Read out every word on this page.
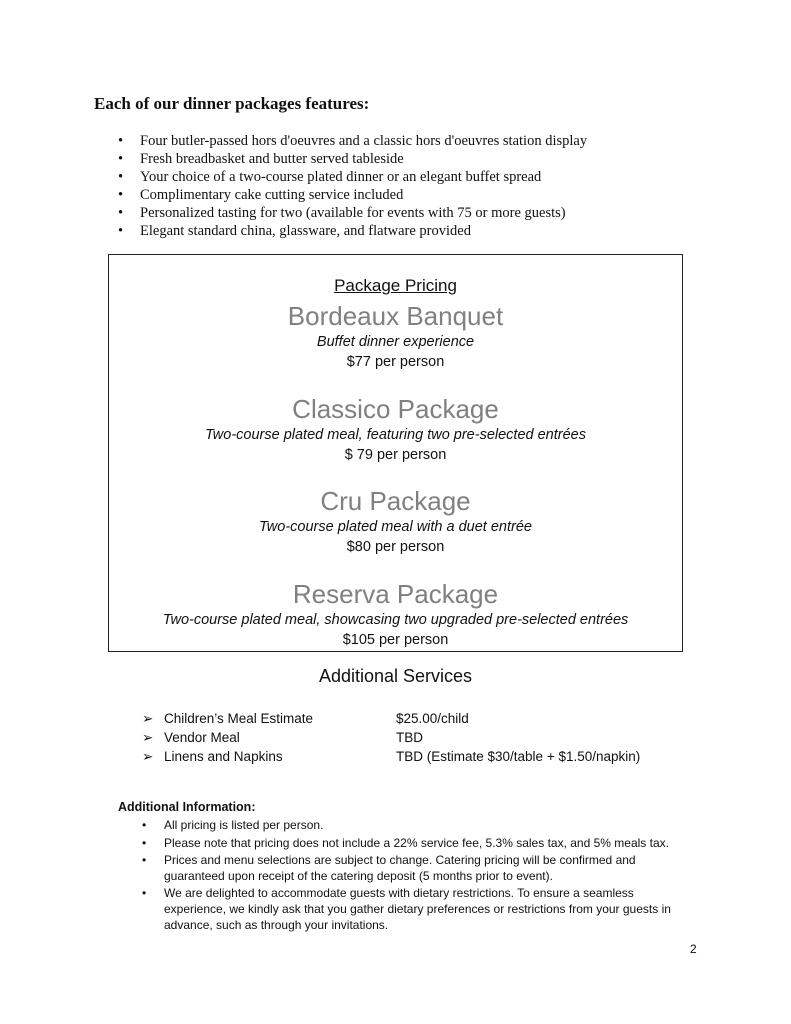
Each of our dinner packages features:
• Four butler-passed hors d'oeuvres and a classic hors d'oeuvres station display
• Fresh breadbasket and butter served tableside
• Your choice of a two-course plated dinner or an elegant buffet spread
• Complimentary cake cutting service included
• Personalized tasting for two (available for events with 75 or more guests)
• Elegant standard china, glassware, and flatware provided
Package Pricing
Bordeaux Banquet
Buffet dinner experience
$77 per person
Classico Package
Two-course plated meal, featuring two pre-selected entrées
$ 79 per person
Cru Package
Two-course plated meal with a duet entrée
$80 per person
Reserva Package
Two-course plated meal, showcasing two upgraded pre-selected entrées
$105 per person
Additional Services
➢ Children’s Meal Estimate	$25.00/child
➢ Vendor Meal	TBD
➢ Linens and Napkins	TBD (Estimate $30/table + $1.50/napkin)
Additional Information:
• All pricing is listed per person.
• Please note that pricing does not include a 22% service fee, 5.3% sales tax, and 5% meals tax.
• Prices and menu selections are subject to change. Catering pricing will be confirmed and guaranteed upon receipt of the catering deposit (5 months prior to event).
• We are delighted to accommodate guests with dietary restrictions. To ensure a seamless experience, we kindly ask that you gather dietary preferences or restrictions from your guests in advance, such as through your invitations.
2
